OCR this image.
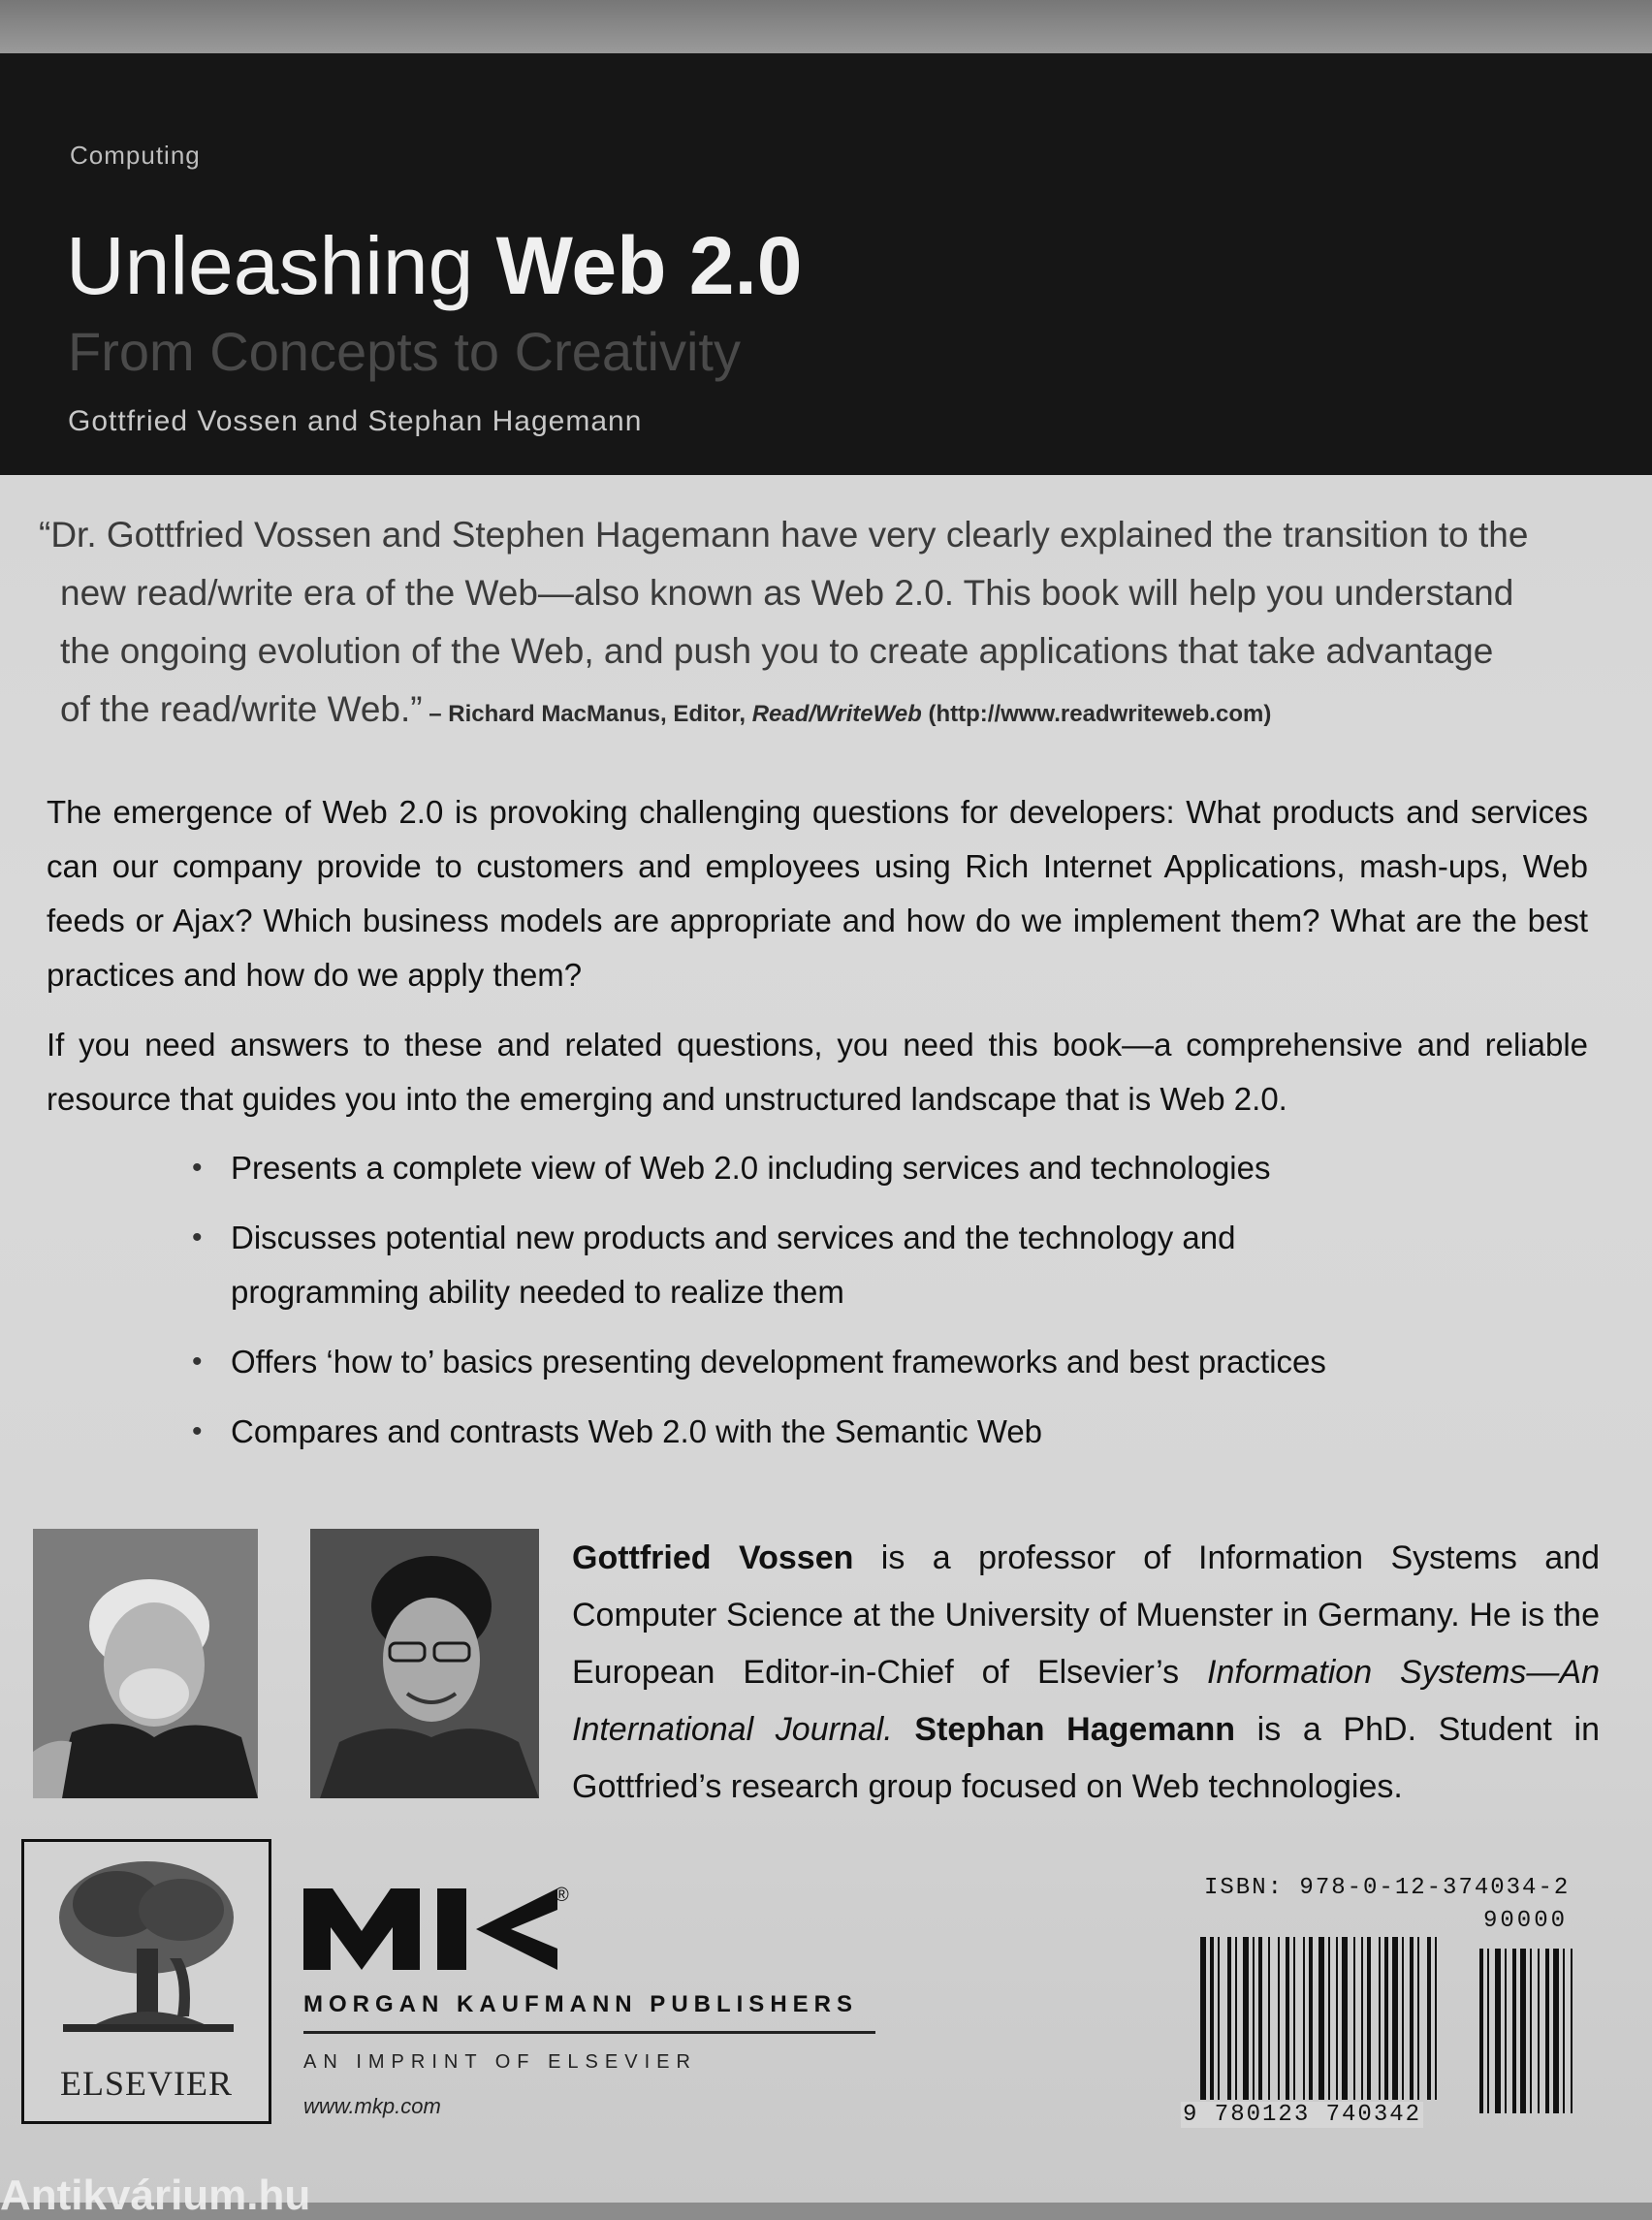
Computing
Unleashing Web 2.0
From Concepts to Creativity
Gottfried Vossen and Stephan Hagemann
“Dr. Gottfried Vossen and Stephen Hagemann have very clearly explained the transition to the
new read/write era of the Web—also known as Web 2.0. This book will help you understand
the ongoing evolution of the Web, and push you to create applications that take advantage
of the read/write Web.” – Richard MacManus, Editor, Read/WriteWeb (http://www.readwriteweb.com)

The emergence of Web 2.0 is provoking challenging questions for developers: What products and services can our company provide to customers and employees using Rich Internet Applications, mash-ups, Web feeds or Ajax? Which business models are appropriate and how do we implement them? What are the best practices and how do we apply them?

If you need answers to these and related questions, you need this book—a comprehensive and reliable resource that guides you into the emerging and unstructured landscape that is Web 2.0.

• Presents a complete view of Web 2.0 including services and technologies
• Discusses potential new products and services and the technology and programming ability needed to realize them
• Offers ‘how to’ basics presenting development frameworks and best practices
• Compares and contrasts Web 2.0 with the Semantic Web
Gottfried Vossen is a professor of Information Systems and Computer Science at the University of Muenster in Germany. He is the European Editor-in-Chief of Elsevier’s Information Systems—An International Journal. Stephan Hagemann is a PhD. Student in Gottfried’s research group focused on Web technologies.
ELSEVIER
®
MORGAN KAUFMANN PUBLISHERS
AN IMPRINT OF ELSEVIER
www.mkp.com
ISBN: 978-0-12-374034-2
90000
9 780123 740342
Antikvárium.hu
